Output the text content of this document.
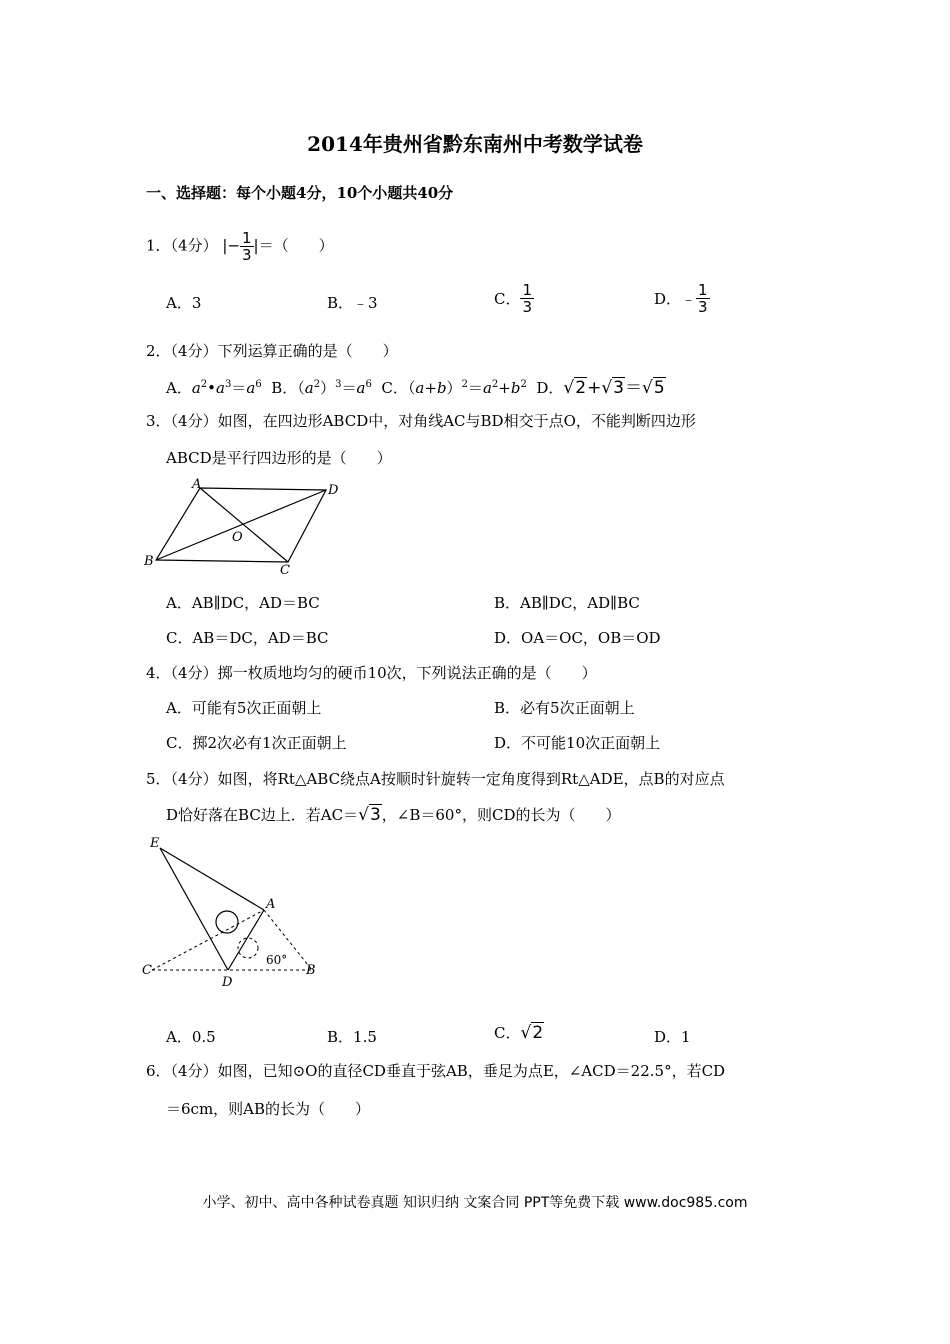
2014年贵州省黔东南州中考数学试卷
一、选择题：每个小题4分，10个小题共40分
1．（4分） |− $\frac{1}{3}$ |＝（　　）
A．3	B．﹣3	C． $\frac{1}{3}$	D．﹣ $\frac{1}{3}$
2．（4分）下列运算正确的是（　　）
A．$a^2•a^3=a^6$ B．$(a^2)^3=a^6$ C．$(a+b)^2=a^2+b^2$ D．√2+√3＝√5
3．（4分）如图，在四边形ABCD中，对角线AC与BD相交于点O，不能判断四边形
ABCD是平行四边形的是（　　）
A	D
O
B
C
A．AB∥DC，AD＝BC	B．AB∥DC，AD∥BC
C．AB＝DC，AD＝BC	D．OA＝OC，OB＝OD
4．（4分）掷一枚质地均匀的硬币10次，下列说法正确的是（　　）
A．可能有5次正面朝上	B．必有5次正面朝上
C．掷2次必有1次正面朝上	D．不可能10次正面朝上
5．（4分）如图，将Rt△ABC绕点A按顺时针旋转一定角度得到Rt△ADE，点B的对应点
D恰好落在BC边上．若AC＝√3，∠B＝60°，则CD的长为（　　）
E
A
C
D
B
60°
A．0.5	B．1.5	C．√2	D．1
6．（4分）如图，已知⊙O的直径CD垂直于弦AB，垂足为点E，∠ACD＝22.5°，若CD
＝6cm，则AB的长为（　　）
小学、初中、高中各种试卷真题 知识归纳 文案合同 PPT等免费下载 www.doc985.com
